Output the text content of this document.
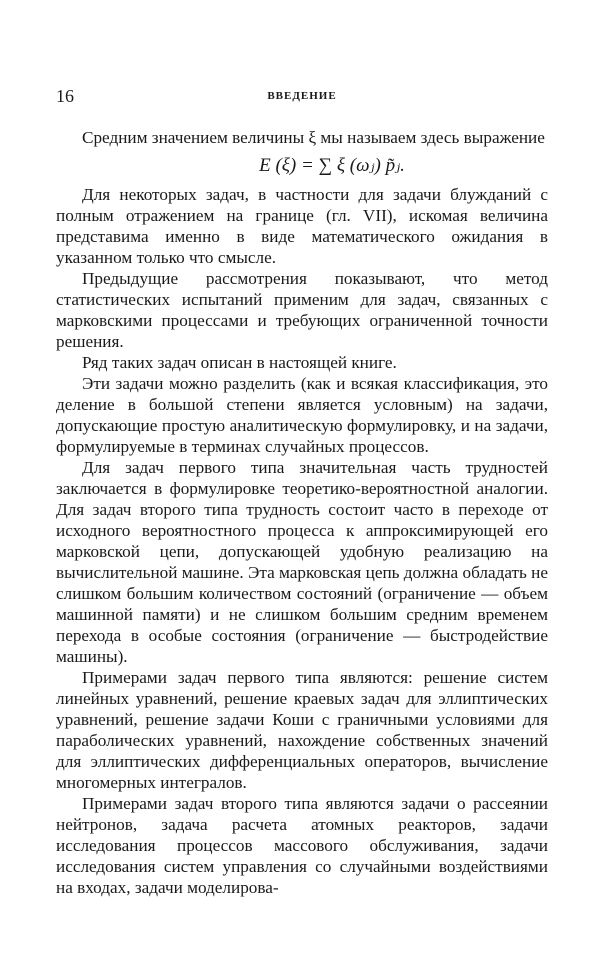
16	ВВЕДЕНИЕ

Средним значением величины ξ мы называем здесь выражение

E (ξ) = ∑ ξ (ωⱼ) p̃ⱼ.

Для некоторых задач, в частности для задачи блужданий с полным отражением на границе (гл. VII), искомая величина представима именно в виде математического ожидания в указанном только что смысле.

Предыдущие рассмотрения показывают, что метод статистических испытаний применим для задач, связанных с марковскими процессами и требующих ограниченной точности решения.

Ряд таких задач описан в настоящей книге.

Эти задачи можно разделить (как и всякая классификация, это деление в большой степени является условным) на задачи, допускающие простую аналитическую формулировку, и на задачи, формулируемые в терминах случайных процессов.

Для задач первого типа значительная часть трудностей заключается в формулировке теоретико-вероятностной аналогии. Для задач второго типа трудность состоит часто в переходе от исходного вероятностного процесса к аппроксимирующей его марковской цепи, допускающей удобную реализацию на вычислительной машине. Эта марковская цепь должна обладать не слишком большим количеством состояний (ограничение — объем машинной памяти) и не слишком большим средним временем перехода в особые состояния (ограничение — быстродействие машины).

Примерами задач первого типа являются: решение систем линейных уравнений, решение краевых задач для эллиптических уравнений, решение задачи Коши с граничными условиями для параболических уравнений, нахождение собственных значений для эллиптических дифференциальных операторов, вычисление многомерных интегралов.

Примерами задач второго типа являются задачи о рассеянии нейтронов, задача расчета атомных реакторов, задачи исследования процессов массового обслуживания, задачи исследования систем управления со случайными воздействиями на входах, задачи моделирова-
